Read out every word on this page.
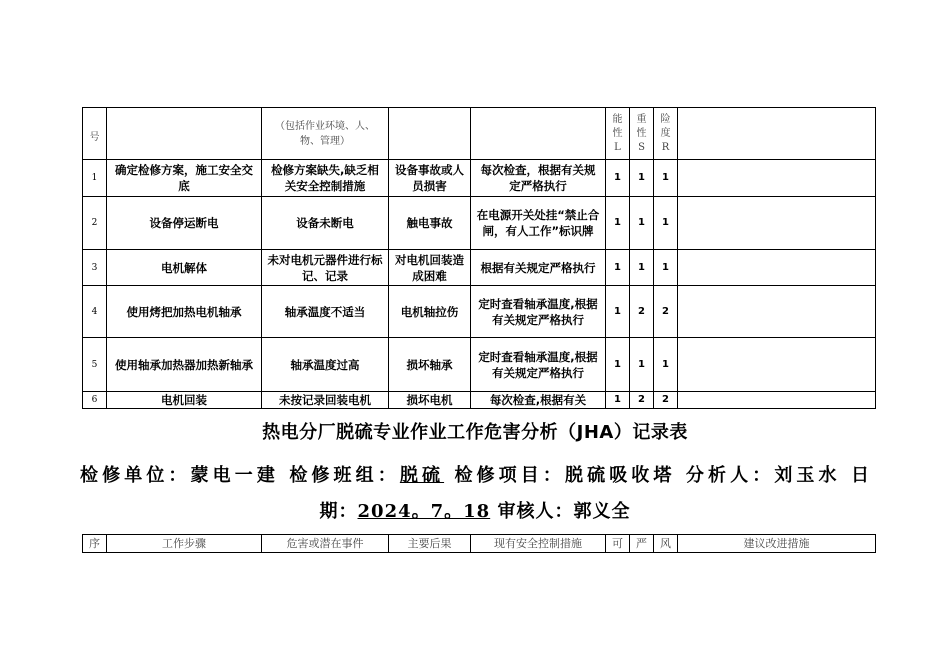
号		（包括作业环境、人、物、管理）			能性L	重性S	险度R	
1	确定检修方案，施工安全交底	检修方案缺失,缺乏相关安全控制措施	设备事故或人员损害	每次检查，根据有关规定严格执行	1	1	1	
2	设备停运断电	设备未断电	触电事故	在电源开关处挂“禁止合闸，有人工作”标识牌	1	1	1	
3	电机解体	未对电机元器件进行标记、记录	对电机回装造成困难	根据有关规定严格执行	1	1	1	
4	使用烤把加热电机轴承	轴承温度不适当	电机轴拉伤	定时查看轴承温度,根据有关规定严格执行	1	2	2	
5	使用轴承加热器加热新轴承	轴承温度过高	损坏轴承	定时查看轴承温度,根据有关规定严格执行	1	1	1	
6	电机回装	未按记录回装电机	损坏电机	每次检查,根据有关	1	2	2	
热电分厂脱硫专业作业工作危害分析（JHA）记录表
检修单位：蒙电一建 检修班组：脱硫 检修项目：脱硫吸收塔 分析人：刘玉水 日
期：2024。7。18 审核人：郭义全
序	工作步骤	危害或潜在事件	主要后果	现有安全控制措施	可	严	风	建议改进措施
